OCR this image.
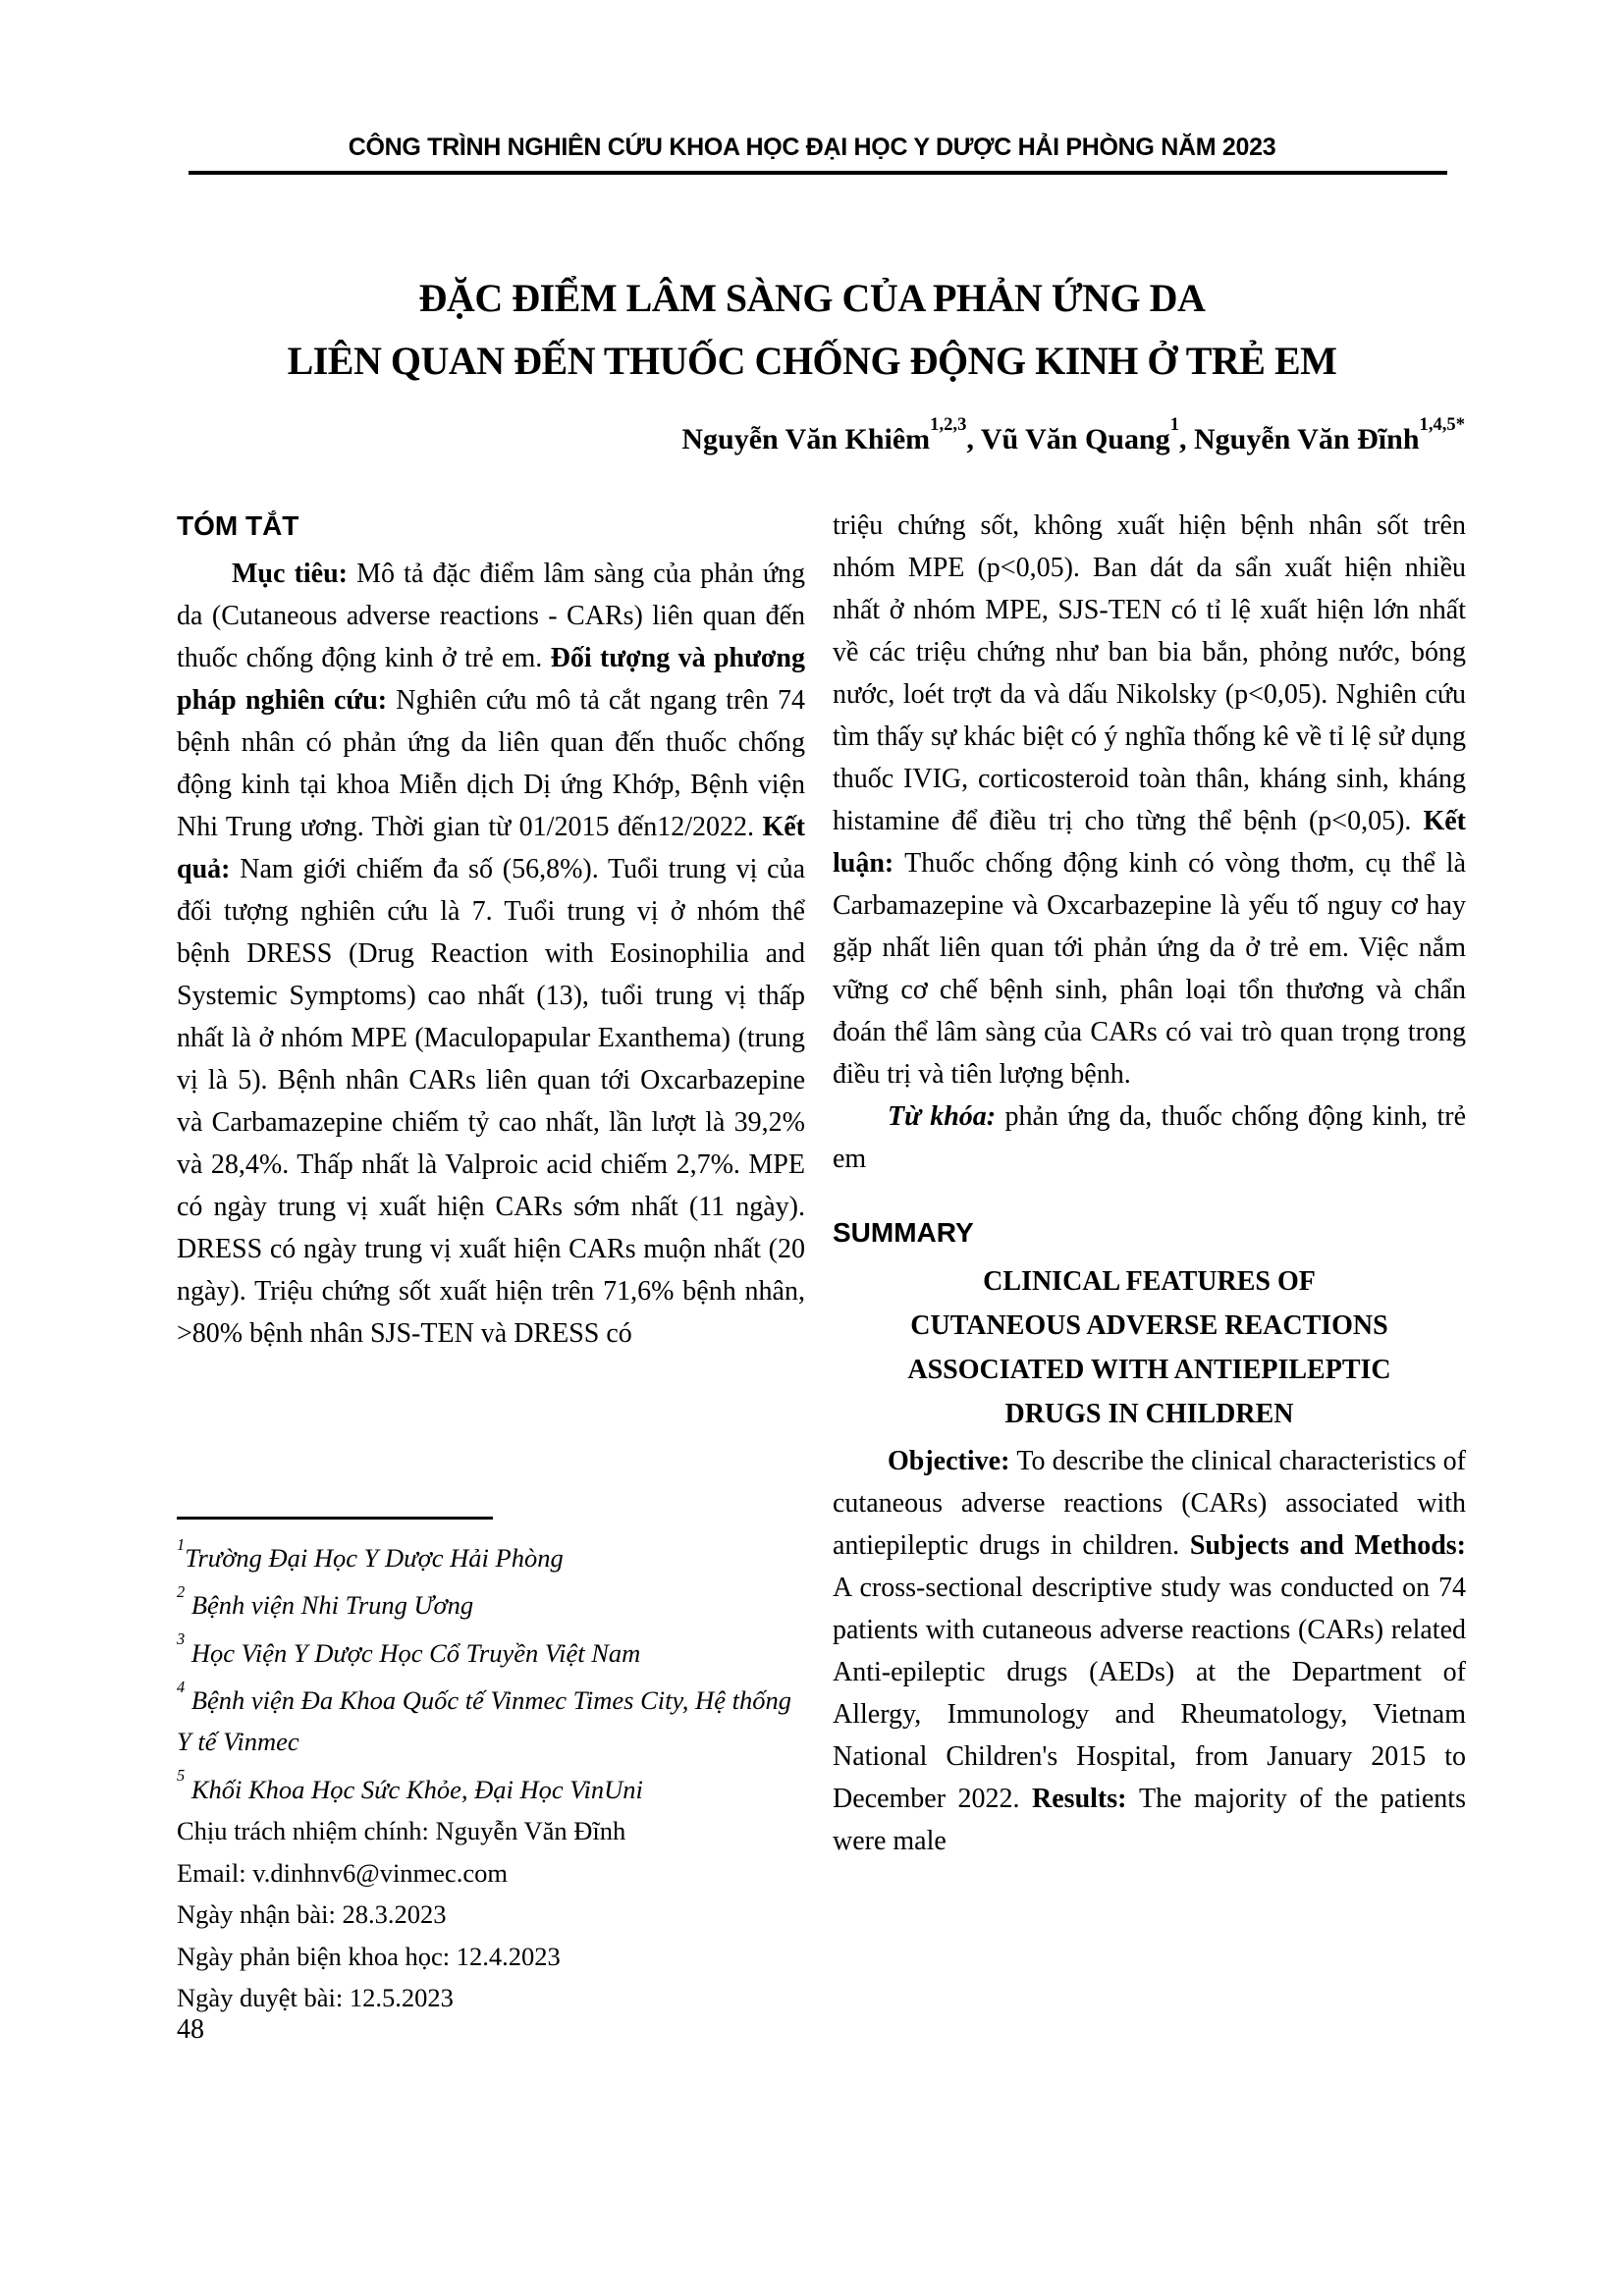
CÔNG TRÌNH NGHIÊN CỨU KHOA HỌC ĐẠI HỌC Y DƯỢC HẢI PHÒNG NĂM 2023
ĐẶC ĐIỂM LÂM SÀNG CỦA PHẢN ỨNG DA
LIÊN QUAN ĐẾN THUỐC CHỐNG ĐỘNG KINH Ở TRẺ EM
Nguyễn Văn Khiêm$^{1,2,3}$, Vũ Văn Quang$^1$, Nguyễn Văn Đĩnh$^{1,4,5*}$
TÓM TẮT

Mục tiêu: Mô tả đặc điểm lâm sàng của phản ứng da (Cutaneous adverse reactions - CARs) liên quan đến thuốc chống động kinh ở trẻ em. Đối tượng và phương pháp nghiên cứu: Nghiên cứu mô tả cắt ngang trên 74 bệnh nhân có phản ứng da liên quan đến thuốc chống động kinh tại khoa Miễn dịch Dị ứng Khớp, Bệnh viện Nhi Trung ương. Thời gian từ 01/2015 đến12/2022. Kết quả: Nam giới chiếm đa số (56,8%). Tuổi trung vị của đối tượng nghiên cứu là 7. Tuổi trung vị ở nhóm thể bệnh DRESS (Drug Reaction with Eosinophilia and Systemic Symptoms) cao nhất (13), tuổi trung vị thấp nhất là ở nhóm MPE (Maculopapular Exanthema) (trung vị là 5). Bệnh nhân CARs liên quan tới Oxcarbazepine và Carbamazepine chiếm tỷ cao nhất, lần lượt là 39,2% và 28,4%. Thấp nhất là Valproic acid chiếm 2,7%. MPE có ngày trung vị xuất hiện CARs sớm nhất (11 ngày). DRESS có ngày trung vị xuất hiện CARs muộn nhất (20 ngày). Triệu chứng sốt xuất hiện trên 71,6% bệnh nhân, >80% bệnh nhân SJS-TEN và DRESS có

triệu chứng sốt, không xuất hiện bệnh nhân sốt trên nhóm MPE (p<0,05). Ban dát da sẩn xuất hiện nhiều nhất ở nhóm MPE, SJS-TEN có tỉ lệ xuất hiện lớn nhất về các triệu chứng như ban bia bắn, phỏng nước, bóng nước, loét trợt da và dấu Nikolsky (p<0,05). Nghiên cứu tìm thấy sự khác biệt có ý nghĩa thống kê về tỉ lệ sử dụng thuốc IVIG, corticosteroid toàn thân, kháng sinh, kháng histamine để điều trị cho từng thể bệnh (p<0,05). Kết luận: Thuốc chống động kinh có vòng thơm, cụ thể là Carbamazepine và Oxcarbazepine là yếu tố nguy cơ hay gặp nhất liên quan tới phản ứng da ở trẻ em. Việc nắm vững cơ chế bệnh sinh, phân loại tổn thương và chẩn đoán thể lâm sàng của CARs có vai trò quan trọng trong điều trị và tiên lượng bệnh.

Từ khóa: phản ứng da, thuốc chống động kinh, trẻ em

SUMMARY
CLINICAL FEATURES OF
CUTANEOUS ADVERSE REACTIONS
ASSOCIATED WITH ANTIEPILEPTIC
DRUGS IN CHILDREN

Objective: To describe the clinical characteristics of cutaneous adverse reactions (CARs) associated with antiepileptic drugs in children. Subjects and Methods: A cross-sectional descriptive study was conducted on 74 patients with cutaneous adverse reactions (CARs) related Anti-epileptic drugs (AEDs) at the Department of Allergy, Immunology and Rheumatology, Vietnam National Children's Hospital, from January 2015 to December 2022. Results: The majority of the patients were male

$^1$Trường Đại Học Y Dược Hải Phòng
$^2$ Bệnh viện Nhi Trung Ương
$^3$ Học Viện Y Dược Học Cổ Truyền Việt Nam
$^4$ Bệnh viện Đa Khoa Quốc tế Vinmec Times City, Hệ thống Y tế Vinmec
$^5$ Khối Khoa Học Sức Khỏe, Đại Học VinUni
Chịu trách nhiệm chính: Nguyễn Văn Đĩnh
Email: v.dinhnv6@vinmec.com
Ngày nhận bài: 28.3.2023
Ngày phản biện khoa học: 12.4.2023
Ngày duyệt bài: 12.5.2023
48
